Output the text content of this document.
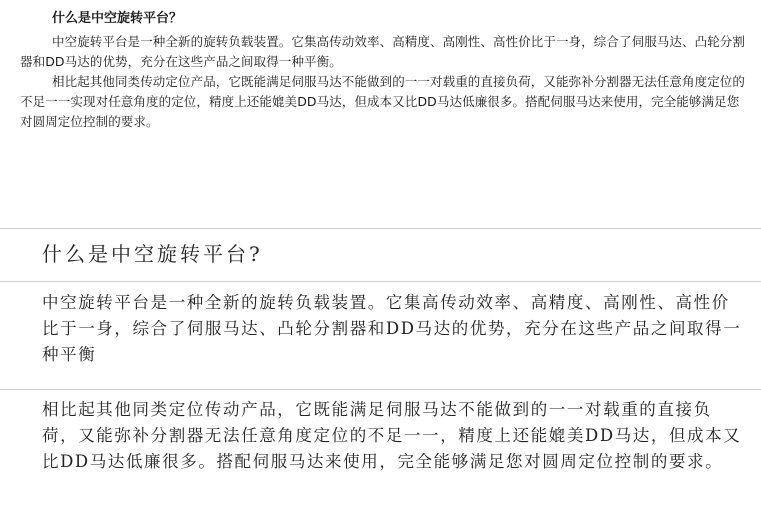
什么是中空旋转平台？

中空旋转平台是一种全新的旋转负载装置。它集高传动效率、高精度、高刚性、高性价比于一身，综合了伺服马达、凸轮分割器和DD马达的优势，充分在这些产品之间取得一种平衡。

相比起其他同类传动定位产品，它既能满足伺服马达不能做到的一一对载重的直接负荷，又能弥补分割器无法任意角度定位的不足一一实现对任意角度的定位，精度上还能媲美DD马达，但成本又比DD马达低廉很多。搭配伺服马达来使用，完全能够满足您对圆周定位控制的要求。

什么是中空旋转平台?
中空旋转平台是一种全新的旋转负载装置。它集高传动效率、高精度、高刚性、高性价比于一身，综合了伺服马达、凸轮分割器和DD马达的优势，充分在这些产品之间取得一种平衡
相比起其他同类定位传动产品，它既能满足伺服马达不能做到的一一对载重的直接负荷，又能弥补分割器无法任意角度定位的不足一一，精度上还能媲美DD马达，但成本又比DD马达低廉很多。搭配伺服马达来使用，完全能够满足您对圆周定位控制的要求。
